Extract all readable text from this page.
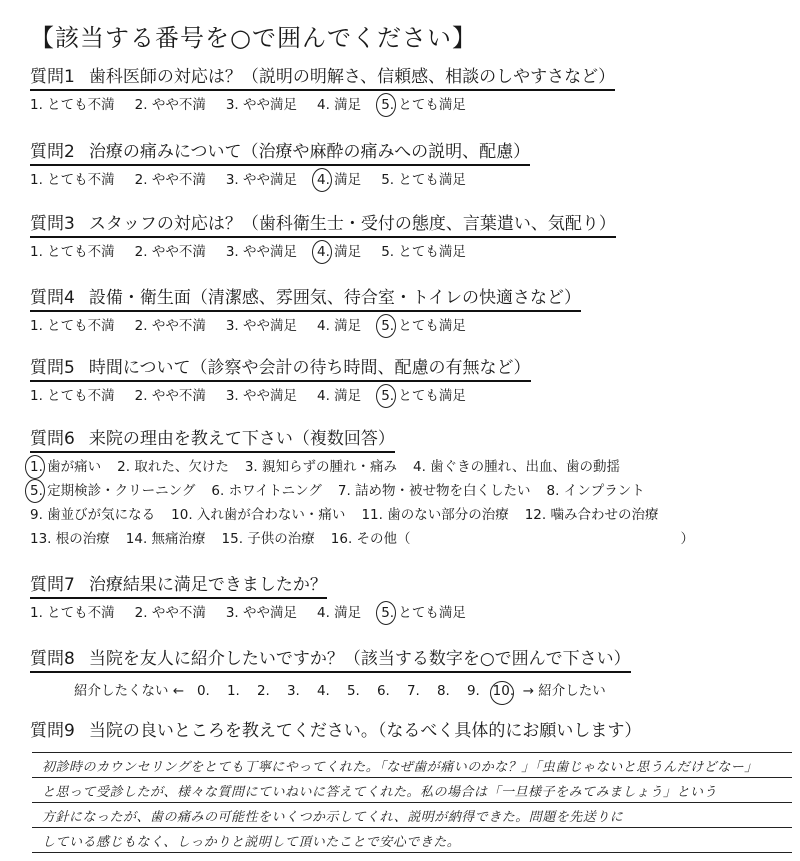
【該当する番号を○で囲んでください】
質問1 歯科医師の対応は？（説明の明解さ、信頼感、相談のしやすさなど）
1. とても不満 2. やや不満 3. やや満足 4. 満足 5. とても満足
質問2 治療の痛みについて（治療や麻酔の痛みへの説明、配慮）
1. とても不満 2. やや不満 3. やや満足 4. 満足 5. とても満足
質問3 スタッフの対応は？（歯科衛生士・受付の態度、言葉遣い、気配り）
1. とても不満 2. やや不満 3. やや満足 4. 満足 5. とても満足
質問4 設備・衛生面（清潔感、雰囲気、待合室・トイレの快適さなど）
1. とても不満 2. やや不満 3. やや満足 4. 満足 5. とても満足
質問5 時間について（診察や会計の待ち時間、配慮の有無など）
1. とても不満 2. やや不満 3. やや満足 4. 満足 5. とても満足
質問6 来院の理由を教えて下さい（複数回答）
1. 歯が痛い 2. 取れた、欠けた 3. 親知らずの腫れ・痛み 4. 歯ぐきの腫れ、出血、歯の動揺
5. 定期検診・クリーニング 6. ホワイトニング 7. 詰め物・被せ物を白くしたい 8. インプラント
9. 歯並びが気になる 10. 入れ歯が合わない・痛い 11. 歯のない部分の治療 12. 噛み合わせの治療
13. 根の治療 14. 無痛治療 15. 子供の治療 16. その他（　　　　　　　　　　　　　　　　　　　　）
質問7 治療結果に満足できましたか？
1. とても不満 2. やや不満 3. やや満足 4. 満足 5. とても満足
質問8 当院を友人に紹介したいですか？（該当する数字を○で囲んで下さい）
紹介したくない ← 0. 1. 2. 3. 4. 5. 6. 7. 8. 9. 10. → 紹介したい
質問9 当院の良いところを教えてください。（なるべく具体的にお願いします）
初診時のカウンセリングをとても丁寧にやってくれた。「なぜ歯が痛いのかな？」「虫歯じゃないと思うんだけどなー」
と思って受診したが、様々な質問にていねいに答えてくれた。私の場合は「一旦様子をみてみましょう」という
方針になったが、歯の痛みの可能性をいくつか示してくれ、説明が納得できた。問題を先送りに
している感じもなく、しっかりと説明して頂いたことで安心できた。
